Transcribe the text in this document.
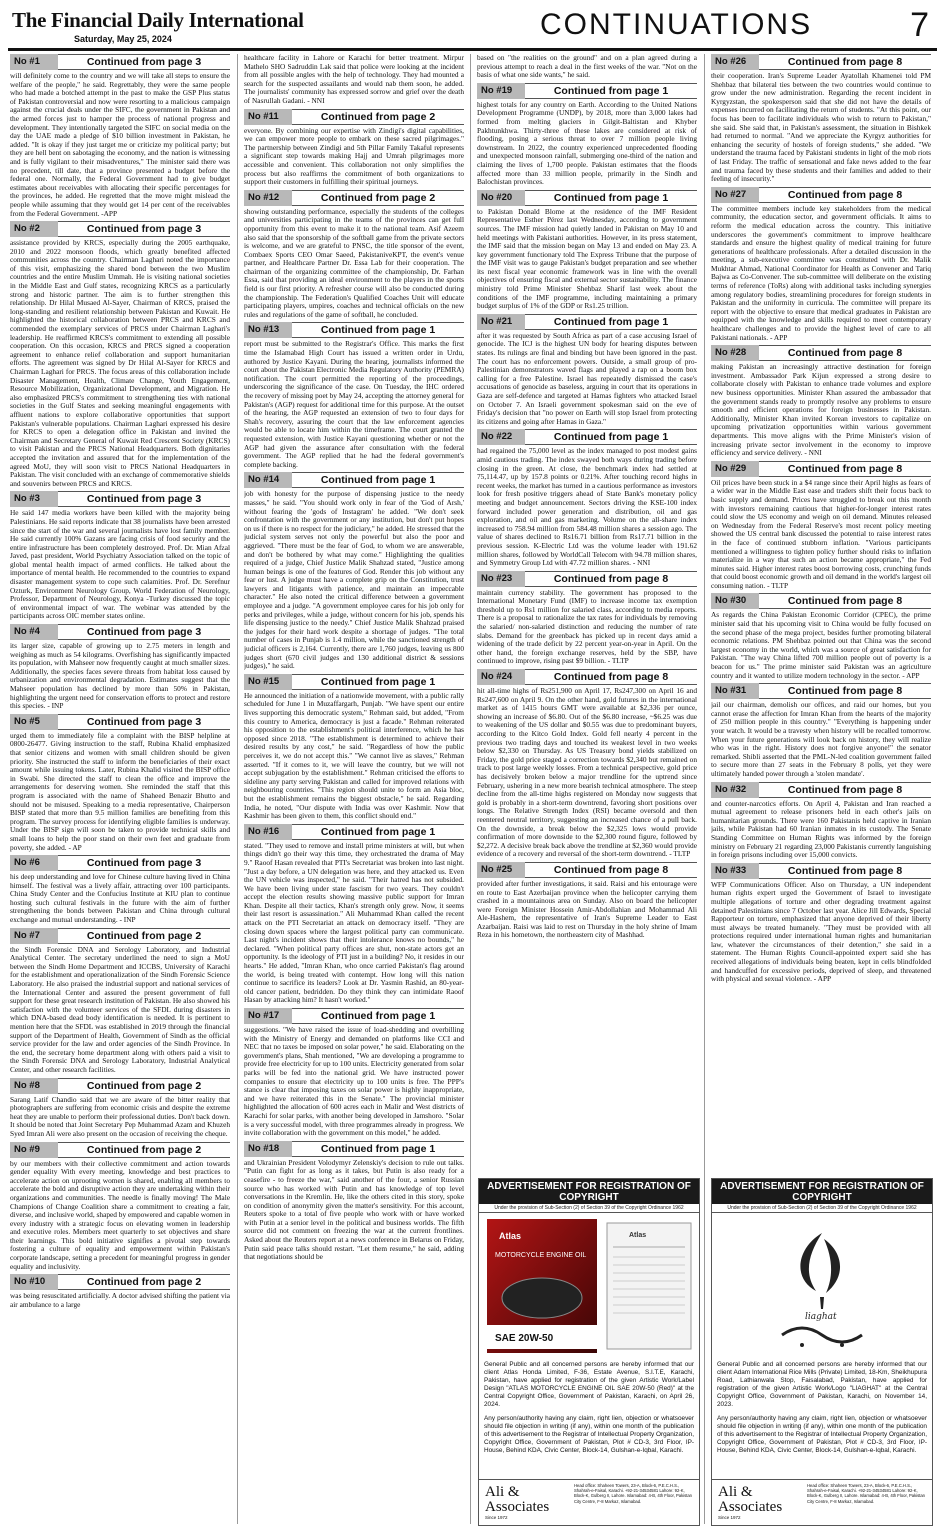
The Financial Daily International
Saturday, May 25, 2024	CONTINUATIONS	7
No #1	Continued from page 3
will definitely come to the country and we will take all steps to ensure the welfare of the people," he said. Regrettably, they were the same people who had made a botched attempt in the past to make the GSP Plus status of Pakistan controversial and now were resorting to a malicious campaign against the crucial deals under the SIFC, the government in Pakistan and the armed forces just to hamper the process of national progress and development. They intentionally targeted the SIFC on social media on the day the UAE made a pledge of $10 billion investment in Pakistan, he added. "It is okay if they just target me or criticize my political party; but they are hell bent on sabotaging the economy, and the nation is witnessing and is fully vigilant to their misadventures," The minister said there was no precedent, till date, that a province presented a budget before the federal one. Normally, the Federal Government had to give budget estimates about receivables with allocating their specific percentages for the provinces, he added. He regretted that the move might mislead the people while assuming that they would get 14 per cent of the receivables from the Federal Government. -APP
No #2	Continued from page 3
assistance provided by KRCS, especially during the 2005 earthquake, 2010 and 2022 monsoon floods, which greatly benefited affected communities across the country. Chairman Laghari noted the importance of this visit, emphasizing the shared bond between the two Muslim countries and the entire Muslim Ummah. He is visiting national societies in the Middle East and Gulf states, recognizing KRCS as a particularly strong and historic partner. The aim is to further strengthen this relationship. Dr Hilal Musaed Al-Sayer, Chairman of KRCS, praised the long-standing and resilient relationship between Pakistan and Kuwait. He highlighted the historical collaboration between PRCS and KRCS and commended the exemplary services of PRCS under Chairman Laghari's leadership. He reaffirmed KRCS's commitment to extending all possible cooperation. On this occasion, KRCS and PRCS signed a cooperation agreement to enhance relief collaboration and support humanitarian efforts. The agreement was signed by Dr Hilal Al-Sayer for KRCS and Chairman Laghari for PRCS. The focus areas of this collaboration include Disaster Management, Health, Climate Change, Youth Engagement, Resource Mobilization, Organizational Development, and Migration. He also emphasized PRCS's commitment to strengthening ties with national societies in the Gulf States and seeking meaningful engagements with affluent nations to explore collaborative opportunities that support Pakistan's vulnerable populations. Chairman Laghari expressed his desire for KRCS to open a delegation office in Pakistan and invited the Chairman and Secretary General of Kuwait Red Crescent Society (KRCS) to visit Pakistan and the PRCS National Headquarters. Both dignitaries accepted the invitation and assured that for the implementation of the agreed MoU, they will soon visit to PRCS National Headquarters in Pakistan. The visit concluded with an exchange of commemorative shields and souvenirs between PRCS and KRCS.
No #3	Continued from page 3
He said 147 media workers have been killed with the majority being Palestinians. He said reports indicate that 38 journalists have been arrested since the start of the war and several journalists have lost family member. He said currently 100% Gazans are facing crisis of food security and the entire infrastructure has been completely destroyed. Prof. Dr. Mian Afzal Javed, past president, World Psychiatry Association talked on the topic of global mental health impact of armed conflicts. He talked about the importance of mental health. He recommended to the countries to expand disaster management system to cope such calamities. Prof. Dr. Serefnur Ozturk, Environment Neurology Group, World Federation of Neurology, Professor, Department of Neurology, Konya -Turkey discussed the topic of environmental impact of war. The webinar was attended by the participants across OIC member states online.
No #4	Continued from page 3
its larger size, capable of growing up to 2.75 meters in length and weighing as much as 54 kilograms. Overfishing has significantly impacted its population, with Mahseer now frequently caught at much smaller sizes. Additionally, the species faces severe threats from habitat loss caused by urbanization and environmental degradation. Estimates suggest that the Mahseer population has declined by more than 50% in Pakistan, highlighting the urgent need for conservation efforts to protect and restore this species. - INP
No #5	Continued from page 3
urged them to immediately file a complaint with the BISP helpline at 0800-26477. Giving instruction to the staff, Rubina Khalid emphasized that senior citizens and women with small children should be given priority. She instructed the staff to inform the beneficiaries of their exact amount while issuing tokens. Later, Rubina Khalid visited the BISP office in Swabi. She directed the staff to clean the office and improve the arrangements for deserving women. She reminded the staff that this program is associated with the name of Shaheed Benazir Bhutto and should not be misused. Speaking to a media representative, Chairperson BISP stated that more than 9.5 million families are benefiting from this program. The survey process for identifying eligible families is underway. Under the BISP sign will soon be taken to provide technical skills and small loans to help the poor stand on their own feet and graduate from poverty, she added. - AP
No #6	Continued from page 3
his deep understanding and love for Chinese culture having lived in China himself. The festival was a lively affair, attracting over 100 participants. China Study Center and the Confucius Institute at KIU plan to continue hosting such cultural festivals in the future with the aim of further strengthening the bonds between Pakistan and China through cultural exchange and mutual understanding. - INP
No #7	Continued from page 2
the Sindh Forensic DNA and Serology Laboratory, and Industrial Analytical Center. The secretary underlined the need to sign a MoU between the Sindh Home Department and ICCBS, University of Karachi for the establishment and operationalization of the Sindh Forensic Science Laboratory. He also praised the industrial support and national services of the International Center and assured the present government of full support for these great research institution of Pakistan. He also showed his satisfaction with the volunteer services of the SFDL during disasters in which DNA-based dead body identification is needed. It is pertinent to mention here that the SFDL was established in 2019 through the financial support of the Department of Health, Government of Sindh as the official service provider for the law and order agencies of the Sindh Province. In the end, the secretary home department along with others paid a visit to the Sindh Forensic DNA and Serology Laboratory, Industrial Analytical Center, and other research facilities.
No #8	Continued from page 2
Sarang Latif Chandio said that we are aware of the bitter reality that photographers are suffering from economic crisis and despite the extreme heat they are unable to perform their professional duties. Don't back down. It should be noted that Joint Secretary Pep Muhammad Azam and Khuzeh Syed Imran Ali were also present on the occasion of receiving the cheque.
No #9	Continued from page 2
by our members with their collective commitment and action towards gender equality With every meeting, knowledge and best practices to accelerate action on uprooting women is shared, enabling all members to accelerate the bold and disruptive action they are undertaking within their organizations and communities. The needle is finally moving! The Male Champions of Change Coalition share a commitment to creating a fair, diverse, and inclusive world, shaped by empowered and capable women in every industry with a strategic focus on elevating women in leadership and executive roles. Members meet quarterly to set objectives and share their learnings. This bold initiative signifies a pivotal step towards fostering a culture of equality and empowerment within Pakistan's corporate landscape, setting a precedent for meaningful progress in gender equality and inclusivity.
No #10	Continued from page 2
was being resuscitated artificially. A doctor advised shifting the patient via air ambulance to a large
healthcare facility in Lahore or Karachi for better treatment. Mirpur Mathelo SHO Sadruddin Lak said that police were looking at the incident from all possible angles with the help of technology. They had mounted a search for the suspected assailants and would nab them soon, he added. The journalists' community has expressed sorrow and grief over the death of Nasrullah Gadani. - NNI
No #11	Continued from page 2
everyone. By combining our expertise with Zindigi's digital capabilities, we can empower more people to embark on these sacred pilgrimages." The partnership between Zindigi and 5th Pillar Family Takaful represents a significant step towards making Hajj and Umrah pilgrimages more accessible and convenient. This collaboration not only simplifies the process but also reaffirms the commitment of both organizations to support their customers in fulfilling their spiritual journeys.
No #12	Continued from page 2
showing outstanding performance, especially the students of the colleges and universities participating in the teams of the provinces can get full opportunity from this event to make it to the national team. Asif Azeem also said that the sponsorship of the softball game from the private sectors is welcome, and we are grateful to PNSC, the title sponsor of the event, Combaex Sports CEO Omar Saeed, PakistaniveKPT, the event's venue partner, and Healthcare Partner Dr. Essa Lab for their cooperation. The chairman of the organizing committee of the championship, Dr. Farhan Essa, said that providing an ideal environment to the players in the sports field is our first priority. A refresher course will also be conducted during the championship. The Federation's Qualified Coaches Unit will educate participating players, umpires, coaches and technical officials on the new rules and regulations of the game of softball, he concluded.
No #13	Continued from page 1
report must be submitted to the Registrar's Office. This marks the first time the Islamabad High Court has issued a written order in Urdu, authored by Justice Kayani. During the hearing, journalists informed the court about the Pakistan Electronic Media Regulatory Authority (PEMRA) notification. The court permitted the reporting of the proceedings, underscoring the significance of the case. On Tuesday, the IHC ordered the recovery of missing poet by May 24, accepting the attorney general for Pakistan's (AGP) request for additional time for this purpose. At the outset of the hearing, the AGP requested an extension of two to four days for Shah's recovery, assuring the court that the law enforcement agencies would be able to locate him within the timeframe. The court granted the requested extension, with Justice Kayani questioning whether or not the AGP had given the assurance after consultation with the federal government. The AGP replied that he had the federal government's complete backing.
No #14	Continued from page 1
job with honesty for the purpose of dispensing justice to the needy masses," he said. "You should work only in fear of the 'God of Arsh,' without fearing the 'gods of Instagram' he added. "We don't seek confrontation with the government or any institution, but don't put hopes on us if there is no respect for the judiciary," he added. He stressed that the judicial system serves not only the powerful but also the poor and aggrieved. "There must be the fear of God, to whom we are answerable, and don't be bothered by what may come." Highlighting the qualities required of a judge, Chief Justice Malik Shahzad stated, "Justice among human beings is one of the features of God. Render this job without any fear or lust. A judge must have a complete grip on the Constitution, trust lawyers and litigants with patience, and maintain an impeccable character." He also noted the critical difference between a government employee and a judge. "A government employee cares for his job only for perks and privileges, while a judge, without concern for his job, spends his life dispensing justice to the needy." Chief Justice Malik Shahzad praised the judges for their hard work despite a shortage of judges. "The total number of cases in Punjab is 1.4 million, while the sanctioned strength of judicial officers is 2,164. Currently, there are 1,760 judges, leaving us 800 judges short (670 civil judges and 130 additional district & sessions judges)," he said.
No #15	Continued from page 1
He announced the initiation of a nationwide movement, with a public rally scheduled for June 1 in Muzaffargarh, Punjab. "We have spent our entire lives supporting this democratic system," Rehman said, but added, "From this country to America, democracy is just a facade." Rehman reiterated his opposition to the establishment's political interference, which he has opposed since 2018. "The establishment is determined to achieve their desired results by any cost," he said. "Regardless of how the public perceives it, we do not accept this." "We cannot live as slaves," Rehman asserted. "If it comes to it, we will leave the country, but we will not accept subjugation by the establishment." Rehman criticised the efforts to sideline any party serving Pakistan and called for improved relations with neighbouring countries. "This region should unite to form an Asia bloc, but the establishment remains the biggest obstacle," he said. Regarding India, he noted, "Our dispute with India was over Kashmir. Now that Kashmir has been given to them, this conflict should end."
No #16	Continued from page 1
stated. "They used to remove and install prime ministers at will, but when things didn't go their way this time, they orchestrated the drama of May 9." Raoof Hasan revealed that PTI's Secretariat was broken into last night. "Just a day before, a UN delegation was here, and they attacked us. Even the UN vehicle was inspected," he said. "Their hatred has not subsided. We have been living under state fascism for two years. They couldn't accept the election results showing massive public support for Imran Khan. Despite all their tactics, Khan's strength only grew. Now, it seems their last resort is assassination." Ali Muhammad Khan called the recent attack on the PTI Secretariat an attack on democracy itself. "They are closing down spaces where the largest political party can communicate. Last night's incident shows that their intolerance knows no bounds," he declared. "When political party offices are shut, non-state actors get an opportunity. Is the ideology of PTI just in a building? No, it resides in our hearts." He added, "Imran Khan, who once carried Pakistan's flag around the world, is being treated with contempt. How long will this nation continue to sacrifice its leaders? Look at Dr. Yasmin Rashid, an 80-year-old cancer patient, bedridden. Do they think they can intimidate Raoof Hasan by attacking him? It hasn't worked."
No #17	Continued from page 1
suggestions. "We have raised the issue of load-shedding and overbilling with the Ministry of Energy and demanded on platforms like CCI and NEC that no taxes be imposed on solar power," he said. Elaborating on the government's plans, Shah mentioned, "We are developing a programme to provide free electricity for up to 100 units. Electricity generated from solar parks will be fed into the national grid. We have instructed power companies to ensure that electricity up to 100 units is free. The PPP's stance is clear that imposing taxes on solar power is highly inappropriate, and we have reiterated this in the Senate." The provincial minister highlighted the allocation of 600 acres each in Malir and West districts of Karachi for solar parks, with another being developed in Jamshoro. "Solar is a very successful model, with three programmes already in progress. We invite collaboration with the government on this model," he added.
No #18	Continued from page 1
and Ukrainian President Volodymyr Zelenskiy's decision to rule out talks. "Putin can fight for as long as it takes, but Putin is also ready for a ceasefire - to freeze the war," said another of the four, a senior Russian source who has worked with Putin and has knowledge of top level conversations in the Kremlin. He, like the others cited in this story, spoke on condition of anonymity given the matter's sensitivity. For this account, Reuters spoke to a total of five people who work with or have worked with Putin at a senior level in the political and business worlds. The fifth source did not comment on freezing the war at the current frontlines. Asked about the Reuters report at a news conference in Belarus on Friday, Putin said peace talks should restart. "Let them resume," he said, adding that negotiations should be
based on "the realities on the ground" and on a plan agreed during a previous attempt to reach a deal in the first weeks of the war. "Not on the basis of what one side wants," he said.
No #19	Continued from page 1
highest totals for any country on Earth. According to the United Nations Development Programme (UNDP), by 2018, more than 3,000 lakes had formed from melting glaciers in Gilgit-Baltistan and Khyber Pakhtunkhwa. Thirty-three of these lakes are considered at risk of flooding, posing a serious threat to over 7 million people living downstream. In 2022, the country experienced unprecedented flooding and unexpected monsoon rainfall, submerging one-third of the nation and claiming the lives of 1,700 people. Pakistan estimates that the floods affected more than 33 million people, primarily in the Sindh and Balochistan provinces.
No #20	Continued from page 1
to Pakistan Donald Blome at the residence of the IMF Resident Representative Esther Pérez last Wednesday, according to government sources. The IMF mission had quietly landed in Pakistan on May 10 and held meetings with Pakistani authorities. However, in its press statement, the IMF said that the mission began on May 13 and ended on May 23. A key government functionary told The Express Tribune that the purpose of the IMF visit was to gauge Pakistan's budget preparation and see whether its next fiscal year economic framework was in line with the overall objectives of ensuring fiscal and external sector sustainability. The finance ministry told Prime Minister Shehbaz Sharif last week about the conditions of the IMF programme, including maintaining a primary budget surplus of 1% of the GDP or Rs1.25 trillion.
No #21	Continued from page 1
after it was requested by South Africa as part of a case accusing Israel of genocide. The ICJ is the highest UN body for hearing disputes between states. Its rulings are final and binding but have been ignored in the past. The court has no enforcement powers. Outside, a small group of pro-Palestinian demonstrators waved flags and played a rap on a boom box calling for a free Palestine. Israel has repeatedly dismissed the case's accusations of genocide as baseless, arguing in court that its operations in Gaza are self-defence and targeted at Hamas fighters who attacked Israel on October 7. An Israeli government spokesman said on the eve of Friday's decision that "no power on Earth will stop Israel from protecting its citizens and going after Hamas in Gaza."
No #22	Continued from page 1
had regained the 75,000 level as the index managed to post modest gains amid cautious trading. The index swayed both ways during trading before closing in the green. At close, the benchmark index had settled at 75,114.47, up by 157.8 points or 0.21%. After touching record highs in recent weeks, the market has turned in a cautious performance as investors look for fresh positive triggers ahead of State Bank's monetary policy meeting and budget announcement. Sectors driving the KSE-100 index forward included power generation and distribution, oil and gas exploration, and oil and gas marketing. Volume on the all-share index increased to 758.94 million from 584.48 million shares a session ago. The value of shares declined to Rs16.71 billion from Rs17.71 billion in the previous session. K-Electric Ltd was the volume leader with 191.62 million shares, followed by WorldCall Telecom with 94.78 million shares, and Symmetry Group Ltd with 47.72 million shares. - NNI
No #23	Continued from page 8
maintain currency stability. The government has proposed to the International Monetary Fund (IMF) to increase income tax exemption threshold up to Rs1 million for salaried class, according to media reports. There is a proposal to rationalize the tax rates for individuals by removing the salaried/ non-salaried distinction and reducing the number of rate slabs. Demand for the greenback has picked up in recent days amid a widening of the trade deficit by 22 percent year-on-year in April. On the other hand, the foreign exchange reserves, held by the SBP, have continued to improve, rising past $9 billion. - TLTP
No #24	Continued from page 8
hit all-time highs of Rs251,900 on April 17, Rs247,300 on April 16 and Rs247,600 on April 9. On the other hand, gold futures in the international market as of 1415 hours GMT were available at $2,336 per ounce, showing an increase of $6.80. Out of the $6.80 increase, ~$6.25 was due to weakening of the US dollar and $0.55 was due to predominant buyers, according to the Kitco Gold Index. Gold fell nearly 4 percent in the previous two trading days and touched its weakest level in two weeks below $2,330 on Thursday. As US Treasury bond yields stabilized on Friday, the gold price staged a correction towards $2,340 but remained on track to post large weekly losses. From a technical perspective, gold price has decisively broken below a major trendline for the uptrend since February, ushering in a new more bearish technical atmosphere. The steep decline from the all-time highs registered on Monday now suggests that gold is probably in a short-term downtrend, favoring short positions over longs. The Relative Strength Index (RSI) became oversold and then reentered neutral territory, suggesting an increased chance of a pull back. On the downside, a break below the $2,325 lows would provide confirmation of more downside to the $2,300 round figure, followed by $2,272. A decisive break back above the trendline at $2,360 would provide evidence of a recovery and reversal of the short-term downtrend. - TLTP
No #25	Continued from page 8
provided after further investigations, it said. Raisi and his entourage were en route to East Azerbaijan province when the helicopter carrying them crashed in a mountainous area on Sunday. Also on board the helicopter were Foreign Minister Hossein Amir-Abdollahian and Mohammad Ali Ale-Hashem, the representative of Iran's Supreme Leader to East Azarbaijan. Raisi was laid to rest on Thursday in the holy shrine of Imam Reza in his hometown, the northeastern city of Mashhad.
No #26	Continued from page 8
their cooperation. Iran's Supreme Leader Ayatollah Khamenei told PM Shehbaz that bilateral ties between the two countries would continue to grow under the new administration. Regarding the recent incident in Kyrgyzstan, the spokesperson said that she did not have the details of expenses incurred on facilitating the return of students. "At this point, our focus has been to facilitate individuals who wish to return to Pakistan," she said. She said that, in Pakistan's assessment, the situation in Bishkek had returned to normal. "And we appreciate the Kyrgyz authorities for enhancing the security of hostels of foreign students," she added. "We understand the trauma faced by Pakistani students in light of the mob riots of last Friday. The traffic of sensational and fake news added to the fear and trauma faced by these students and their families and added to their feeling of insecurity."
No #27	Continued from page 8
The committee members include key stakeholders from the medical community, the education sector, and government officials. It aims to reform the medical education across the country. This initiative underscores the government's commitment to improve healthcare standards and ensure the highest quality of medical training for future generations of healthcare professionals. After a detailed discussion in the meeting, a sub-executive committee was constituted with Dr. Malik Mukhtar Ahmad, National Coordinator for Health as Convener and Tariq Bajwa as Co-Convener. The sub-committee will deliberate on the existing terms of reference (ToRs) along with additional tasks including synergies among regulatory bodies, streamlining procedures for foreign students in Pakistan and the uniformity in curricula. The committee will prepare its report with the objective to ensure that medical graduates in Pakistan are equipped with the knowledge and skills required to meet contemporary healthcare challenges and to provide the highest level of care to all Pakistani nationals. - APP
No #28	Continued from page 8
making Pakistan an increasingly attractive destination for foreign investment. Ambassador Park Kijun expressed a strong desire to collaborate closely with Pakistan to enhance trade volumes and explore new business opportunities. Minister Khan assured the ambassador that the government stands ready to promptly resolve any problems to ensure smooth and efficient operations for foreign businesses in Pakistan. Additionally, Minister Khan invited Korean investors to capitalize on upcoming privatization opportunities within various government departments. This move aligns with the Prime Minister's vision of increasing private sector involvement in the economy to improve efficiency and service delivery. - NNI
No #29	Continued from page 8
Oil prices have been stuck in a $4 range since their April highs as fears of a wider war in the Middle East ease and traders shift their focus back to basic supply and demand. Prices have struggled to break out this month with investors remaining cautious that higher-for-longer interest rates could slow the US economy and weigh on oil demand. Minutes released on Wednesday from the Federal Reserve's most recent policy meeting showed the US central bank discussed the potential to raise interest rates in the face of continued stubborn inflation. "Various participants mentioned a willingness to tighten policy further should risks to inflation materialize in a way that such an action became appropriate," the Fed minutes said. Higher interest rates boost borrowing costs, crunching funds that could boost economic growth and oil demand in the world's largest oil consuming nation. - TLTP
No #30	Continued from page 8
As regards the China Pakistan Economic Corridor (CPEC), the prime minister said that his upcoming visit to China would be fully focused on the second phase of the mega project, besides further promoting bilateral economic relations. PM Shehbaz pointed out that China was the second largest economy in the world, which was a source of great satisfaction for Pakistan. "The way China lifted 700 million people out of poverty is a beacon for us." The prime minister said Pakistan was an agriculture country and it wanted to utilize modern technology in the sector. - APP
No #31	Continued from page 8
jail our chairman, demolish our offices, and raid our homes, but you cannot erase the affection for Imran Khan from the hearts of the majority of 250 million people in this country." "Everything is happening under your watch. It would be a travesty when history will be recalled tomorrow. When your future generations will look back on history, they will realize who was in the right. History does not forgive anyone!" the senator remarked. Shibli asserted that the PML-N-led coalition government failed to secure more than 27 seats in the February 8 polls, yet they were ultimately handed power through a 'stolen mandate'.
No #32	Continued from page 8
and counter-narcotics efforts. On April 4, Pakistan and Iran reached a mutual agreement to release prisoners held in each other's jails on humanitarian grounds. There were 160 Pakistanis held captive in Iranian jails, while Pakistan had 60 Iranian inmates in its custody. The Senate Standing Committee on Human Rights was informed by the foreign ministry on February 21 regarding 23,000 Pakistanis currently languishing in foreign prisons including over 15,000 convicts.
No #33	Continued from page 8
WFP Communications Officer. Also on Thursday, a UN independent human rights expert urged the Government of Israel to investigate multiple allegations of torture and other degrading treatment against detained Palestinians since 7 October last year. Alice Jill Edwards, Special Rapporteur on torture, emphasized that anyone deprived of their liberty must always be treated humanely. "They must be provided with all protections required under international human rights and humanitarian law, whatever the circumstances of their detention," she said in a statement. The Human Rights Council-appointed expert said she has received allegations of individuals being beaten, kept in cells blindfolded and handcuffed for excessive periods, deprived of sleep, and threatened with physical and sexual violence. - APP
ADVERTISEMENT FOR REGISTRATION OF COPYRIGHT
Under the provision of Sub-Section (2) of Section 39 of the Copyright Ordinance 1962
Atlas
MOTORCYCLE ENGINE OIL
SAE 20W-50
Atlas
General Public and all concerned persons are hereby informed that our client Atlas Honda Limited, F-36, Estate Avenue, S.I.T.E, Karachi, Pakistan, have applied for registration of the given Artistic Work/Label Design "ATLAS MOTORCYCLE ENGINE OIL SAE 20W-50 (Red)" at the Central Copyright Office, Government of Pakistan, Karachi, on April 26, 2024.
Any person/authority having any claim, right lien, objection or whatsoever should file objection in writing (if any), within one month of the publication of this advertisement to the Registrar of Intellectual Property Organization, Copyright Office, Government of Pakistan, Plot # CD-3, 3rd Floor, IP-House, Behind KDA, Civic Center, Block-14, Gulshan-e-Iqbal, Karachi.
Ali &
Associates
Since 1972
Head office: Shaheen Towers, 23-A, Block-6, P.E.C.H.S., Shahrah-e-Faisal, Karachi. +92-21-34534581 Lahore: 92-K, Block-K, Gulberg II, Lahore. Islamabad: 4-B, 4th Floor, Pakistan City Centre, F-8 Markaz, Islamabad.
ADVERTISEMENT FOR REGISTRATION OF COPYRIGHT
Under the provision of Sub-Section (2) of Section 39 of the Copyright Ordinance 1962
liaghat
General Public and all concerned persons are hereby informed that our client Adam International Rice Mills (Private) Limited, 18-Km, Sheikhupura Road, Lathianwala Stop, Faisalabad, Pakistan, have applied for registration of the given Artistic Work/Logo "LIAGHAT" at the Central Copyright Office, Government of Pakistan, Karachi, on November 14, 2023.
Any person/authority having any claim, right lien, objection or whatsoever should file objection in writing (if any), within one month of the publication of this advertisement to the Registrar of Intellectual Property Organization, Copyright Office, Government of Pakistan, Plot # CD-3, 3rd Floor, IP-House, Behind KDA, Civic Center, Block-14, Gulshan-e-Iqbal, Karachi.
Ali &
Associates
Since 1972
Head office: Shaheen Towers, 23-A, Block-6, P.E.C.H.S., Shahrah-e-Faisal, Karachi. +92-21-34534581 Lahore: 92-K, Block-K, Gulberg II, Lahore. Islamabad: 4-B, 4th Floor, Pakistan City Centre, F-8 Markaz, Islamabad.
